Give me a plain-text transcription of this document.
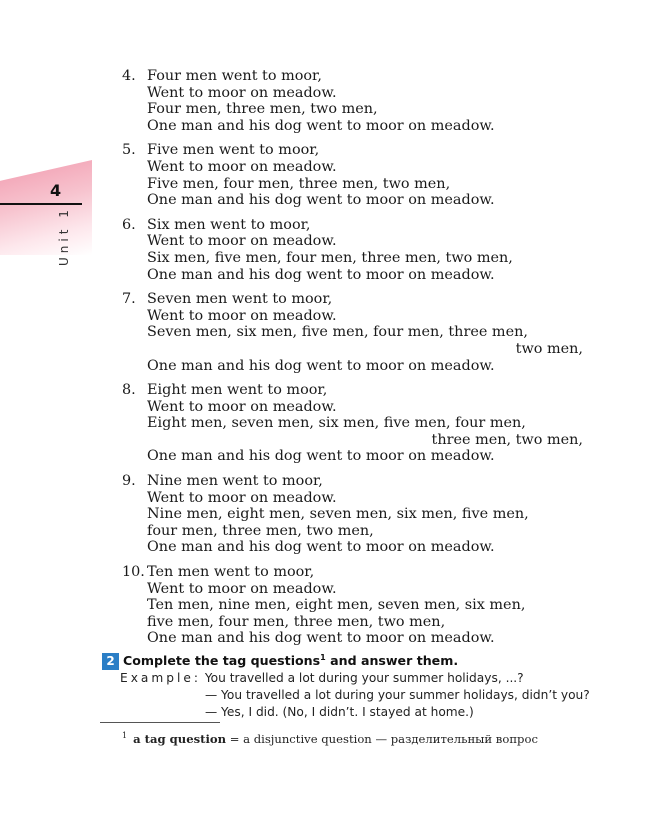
4
Unit 1
4. Four men went to moor,
Went to moor on meadow.
Four men, three men, two men,
One man and his dog went to moor on meadow.
5. Five men went to moor,
Went to moor on meadow.
Five men, four men, three men, two men,
One man and his dog went to moor on meadow.
6. Six men went to moor,
Went to moor on meadow.
Six men, five men, four men, three men, two men,
One man and his dog went to moor on meadow.
7. Seven men went to moor,
Went to moor on meadow.
Seven men, six men, five men, four men, three men,
two men,
One man and his dog went to moor on meadow.
8. Eight men went to moor,
Went to moor on meadow.
Eight men, seven men, six men, five men, four men,
three men, two men,
One man and his dog went to moor on meadow.
9. Nine men went to moor,
Went to moor on meadow.
Nine men, eight men, seven men, six men, five men,
four men, three men, two men,
One man and his dog went to moor on meadow.
10. Ten men went to moor,
Went to moor on meadow.
Ten men, nine men, eight men, seven men, six men,
five men, four men, three men, two men,
One man and his dog went to moor on meadow.
2 Complete the tag questions$^1$ and answer them.
Example: You travelled a lot during your summer holidays, ...?
— You travelled a lot during your summer holidays, didn’t you?
— Yes, I did. (No, I didn’t. I stayed at home.)
$^1$ a tag question = a disjunctive question — разделительный вопрос
